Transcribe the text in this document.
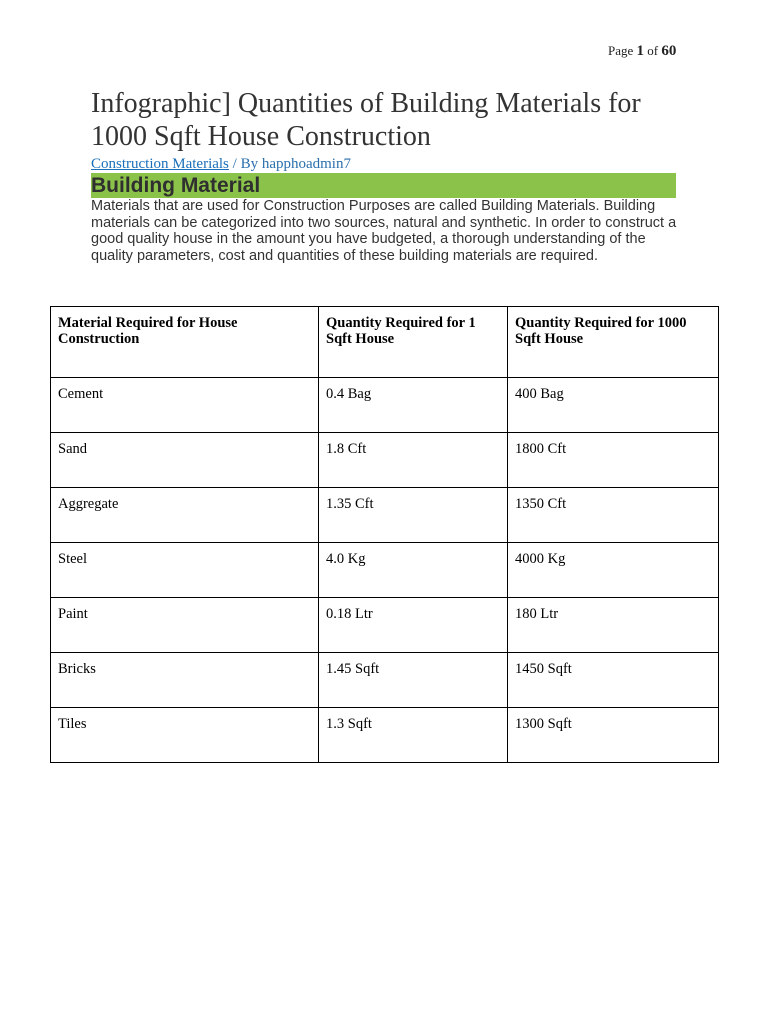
Page 1 of 60
Infographic] Quantities of Building Materials for 1000 Sqft House Construction
Construction Materials / By happhoadmin7
Building Material

Materials that are used for Construction Purposes are called Building Materials. Building materials can be categorized into two sources, natural and synthetic. In order to construct a good quality house in the amount you have budgeted, a thorough understanding of the quality parameters, cost and quantities of these building materials are required.

Material Required for House Construction	Quantity Required for 1 Sqft House	Quantity Required for 1000 Sqft House
Cement	0.4 Bag	400 Bag
Sand	1.8 Cft	1800 Cft
Aggregate	1.35 Cft	1350 Cft
Steel	4.0 Kg	4000 Kg
Paint	0.18 Ltr	180 Ltr
Bricks	1.45 Sqft	1450 Sqft
Tiles	1.3 Sqft	1300 Sqft
